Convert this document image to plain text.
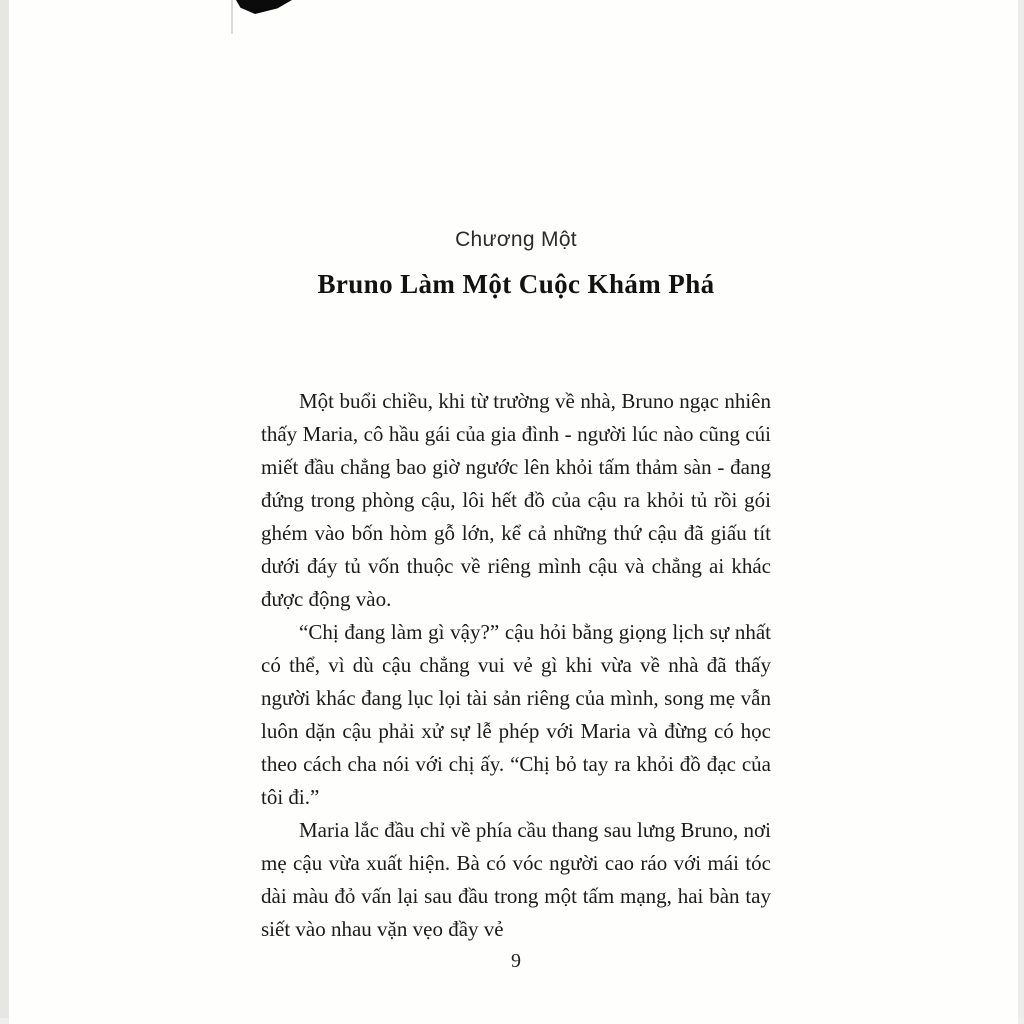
Chương Một
Bruno Làm Một Cuộc Khám Phá

Một buổi chiều, khi từ trường về nhà, Bruno ngạc nhiên thấy Maria, cô hầu gái của gia đình - người lúc nào cũng cúi miết đầu chẳng bao giờ ngước lên khỏi tấm thảm sàn - đang đứng trong phòng cậu, lôi hết đồ của cậu ra khỏi tủ rồi gói ghém vào bốn hòm gỗ lớn, kể cả những thứ cậu đã giấu tít dưới đáy tủ vốn thuộc về riêng mình cậu và chẳng ai khác được động vào.

“Chị đang làm gì vậy?” cậu hỏi bằng giọng lịch sự nhất có thể, vì dù cậu chẳng vui vẻ gì khi vừa về nhà đã thấy người khác đang lục lọi tài sản riêng của mình, song mẹ vẫn luôn dặn cậu phải xử sự lễ phép với Maria và đừng có học theo cách cha nói với chị ấy. “Chị bỏ tay ra khỏi đồ đạc của tôi đi.”

Maria lắc đầu chỉ về phía cầu thang sau lưng Bruno, nơi mẹ cậu vừa xuất hiện. Bà có vóc người cao ráo với mái tóc dài màu đỏ vấn lại sau đầu trong một tấm mạng, hai bàn tay siết vào nhau vặn vẹo đầy vẻ

9
